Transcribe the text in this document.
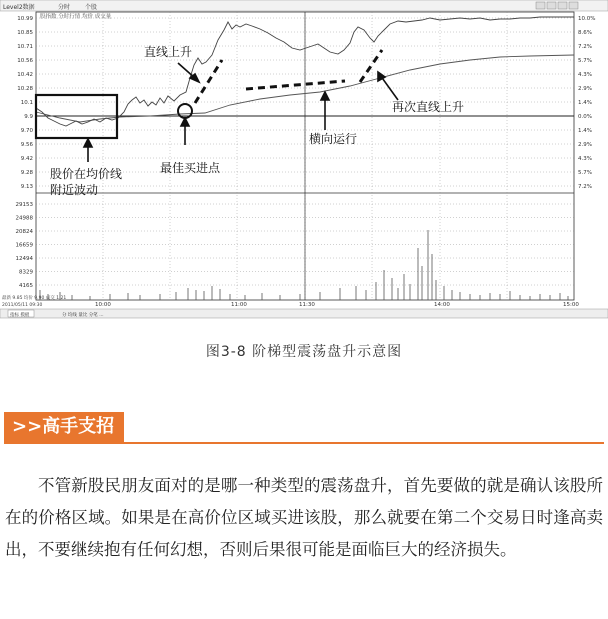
Level2数据	分时 个股
股指数 分时行情 均价 成交量
10.99
10.85
10.71
10.56
10.42
10.28
10.1
9.9
9.70
9.56
9.42
9.28
9.13
10.0%
8.6%
7.2%
5.7%
4.3%
2.9%
1.4%
0.0%
1.4%
2.9%
4.3%
5.7%
7.2%
29153
24988
20824
16659
12494
8329
4165
直线上升
再次直线上升
横向运行
最佳买进点
股价在均价线附近波动
10:00	11:00	11:30	14:00	15:00
最新 9.85 均价 9.90 成交 1.21
2011/05/11 09:30
指标 模板	分 均线 量比 分笔 ...
图3-8 阶梯型震荡盘升示意图
>>高手支招
不管新股民朋友面对的是哪一种类型的震荡盘升，首先要做的就是确认该股所在的价格区域。如果是在高价位区域买进该股，那么就要在第二个交易日时逢高卖出，不要继续抱有任何幻想，否则后果很可能是面临巨大的经济损失。
